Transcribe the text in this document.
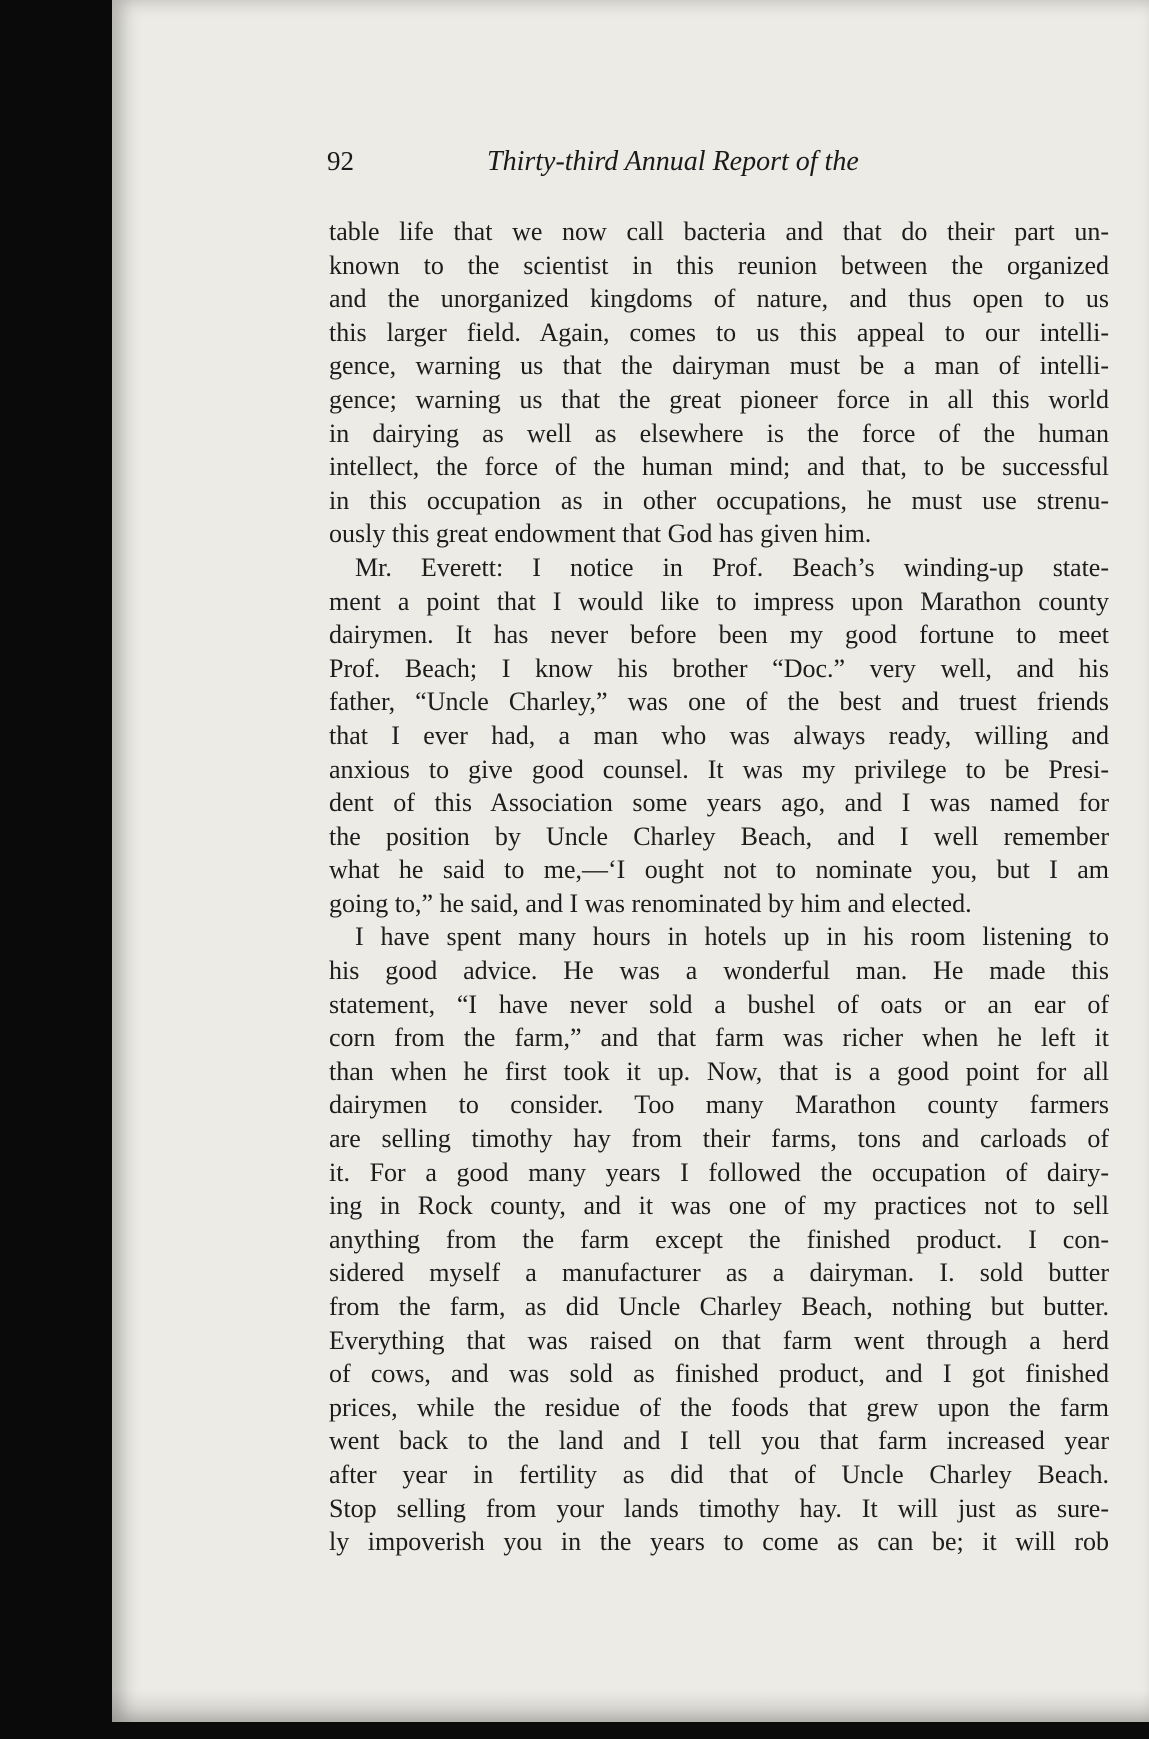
92	Thirty-third Annual Report of the
table life that we now call bacteria and that do their part un-
known to the scientist in this reunion between the organized
and the unorganized kingdoms of nature, and thus open to us
this larger field. Again, comes to us this appeal to our intelli-
gence, warning us that the dairyman must be a man of intelli-
gence; warning us that the great pioneer force in all this world
in dairying as well as elsewhere is the force of the human
intellect, the force of the human mind; and that, to be successful
in this occupation as in other occupations, he must use strenu-
ously this great endowment that God has given him.
Mr. Everett: I notice in Prof. Beach’s winding-up state-
ment a point that I would like to impress upon Marathon county
dairymen. It has never before been my good fortune to meet
Prof. Beach; I know his brother “Doc.” very well, and his
father, “Uncle Charley,” was one of the best and truest friends
that I ever had, a man who was always ready, willing and
anxious to give good counsel. It was my privilege to be Presi-
dent of this Association some years ago, and I was named for
the position by Uncle Charley Beach, and I well remember
what he said to me,—‘I ought not to nominate you, but I am
going to,” he said, and I was renominated by him and elected.
I have spent many hours in hotels up in his room listening to
his good advice. He was a wonderful man. He made this
statement, “I have never sold a bushel of oats or an ear of
corn from the farm,” and that farm was richer when he left it
than when he first took it up. Now, that is a good point for all
dairymen to consider. Too many Marathon county farmers
are selling timothy hay from their farms, tons and carloads of
it. For a good many years I followed the occupation of dairy-
ing in Rock county, and it was one of my practices not to sell
anything from the farm except the finished product. I con-
sidered myself a manufacturer as a dairyman. I. sold butter
from the farm, as did Uncle Charley Beach, nothing but butter.
Everything that was raised on that farm went through a herd
of cows, and was sold as finished product, and I got finished
prices, while the residue of the foods that grew upon the farm
went back to the land and I tell you that farm increased year
after year in fertility as did that of Uncle Charley Beach.
Stop selling from your lands timothy hay. It will just as sure-
ly impoverish you in the years to come as can be; it will rob
